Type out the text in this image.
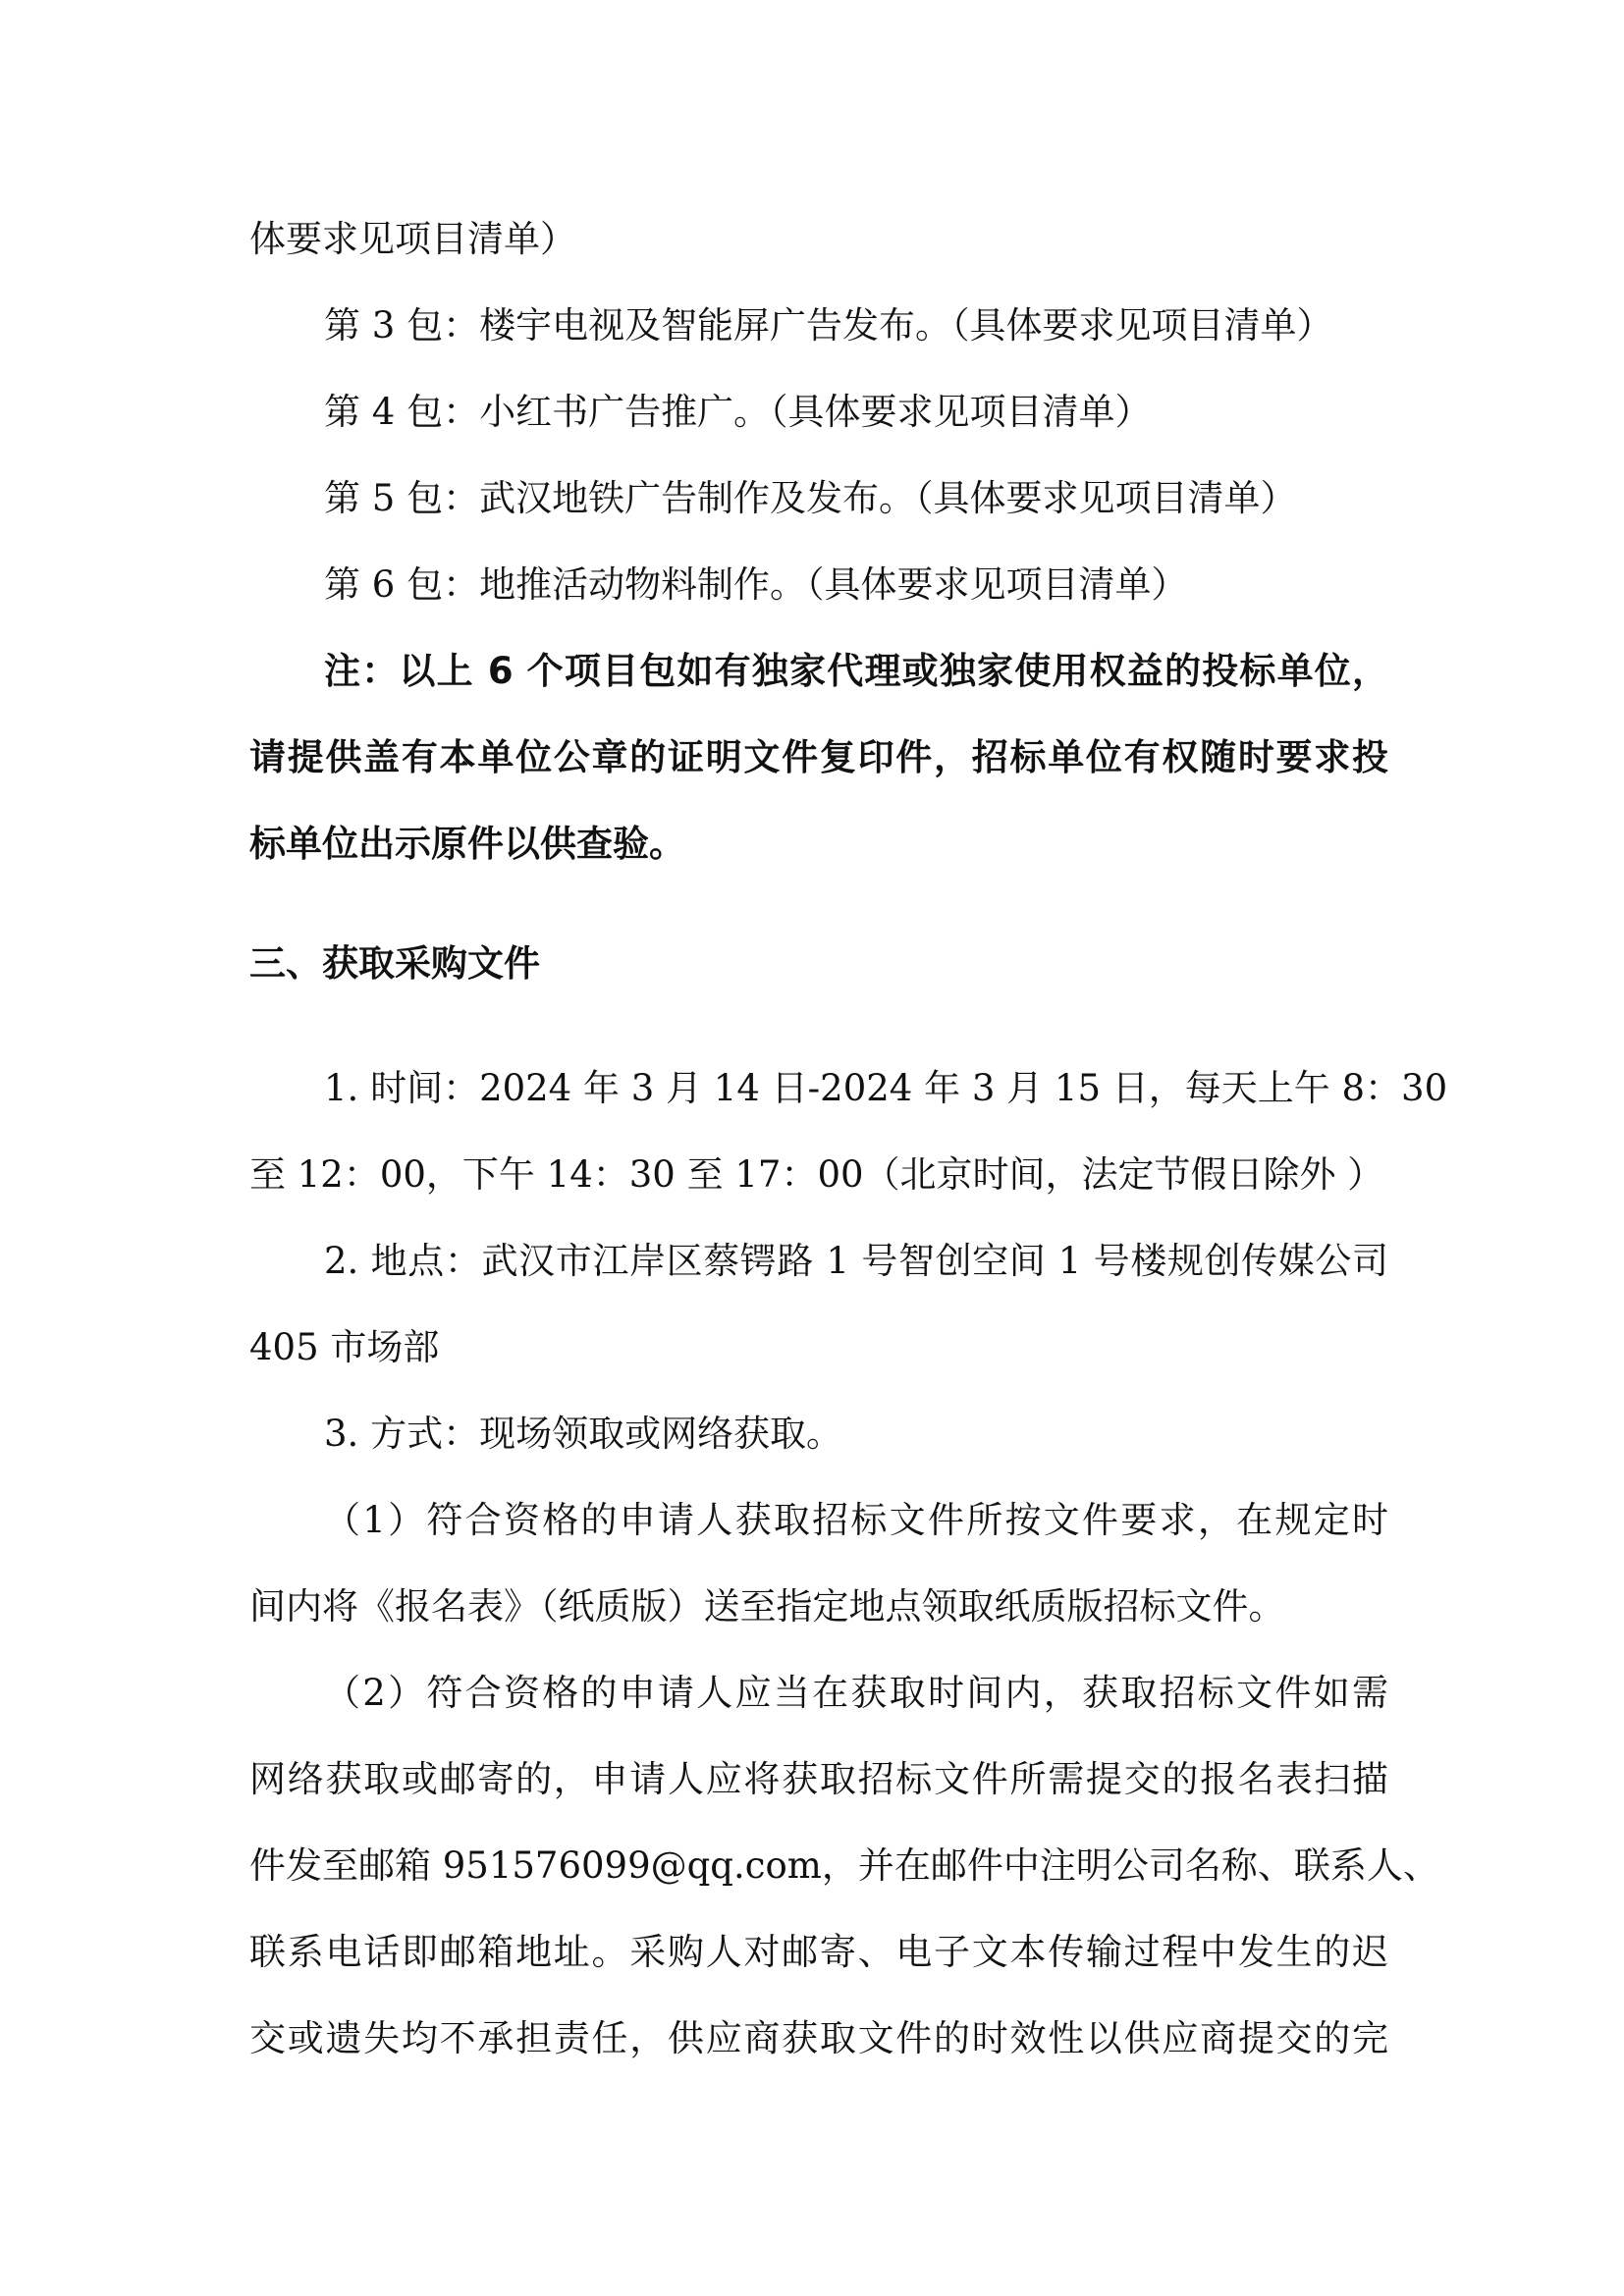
体要求见项目清单）
第 3 包：楼宇电视及智能屏广告发布。（具体要求见项目清单）
第 4 包：小红书广告推广。（具体要求见项目清单）
第 5 包：武汉地铁广告制作及发布。（具体要求见项目清单）
第 6 包：地推活动物料制作。（具体要求见项目清单）
注：以上 6 个项目包如有独家代理或独家使用权益的投标单位，
请提供盖有本单位公章的证明文件复印件，招标单位有权随时要求投
标单位出示原件以供查验。
三、获取采购文件
1. 时间：2024 年 3 月 14 日-2024 年 3 月 15 日，每天上午 8：30
至 12：00，下午 14：30 至 17：00（北京时间，法定节假日除外 ）
2. 地点：武汉市江岸区蔡锷路 1 号智创空间 1 号楼规创传媒公司
405 市场部
3. 方式：现场领取或网络获取。
（1）符合资格的申请人获取招标文件所按文件要求，在规定时
间内将《报名表》（纸质版）送至指定地点领取纸质版招标文件。
（2）符合资格的申请人应当在获取时间内，获取招标文件如需
网络获取或邮寄的，申请人应将获取招标文件所需提交的报名表扫描
件发至邮箱 951576099@qq.com，并在邮件中注明公司名称、联系人、
联系电话即邮箱地址。采购人对邮寄、电子文本传输过程中发生的迟
交或遗失均不承担责任，供应商获取文件的时效性以供应商提交的完
